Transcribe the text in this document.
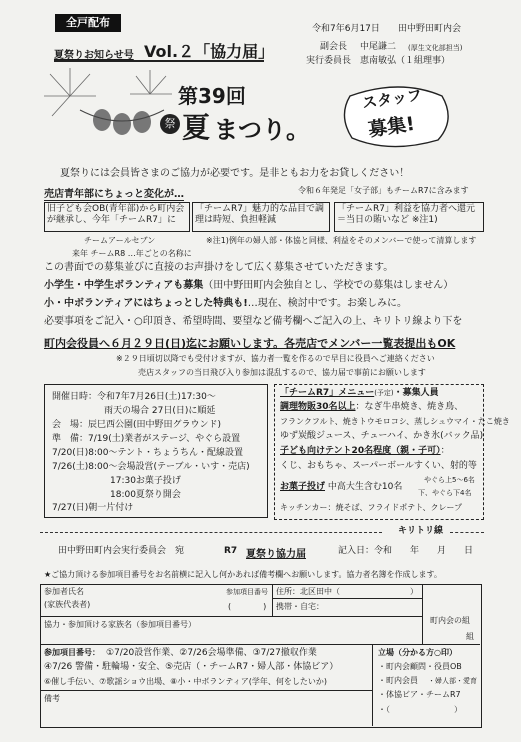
全戸配布	令和7年6月17日 田中野田町内会
夏祭りお知らせ号 Vol.２「協力届」	副会長 中尾謙二 (厚生文化部担当)
実行委員長 恵南敏弘（１組理事）
第39回
祭 夏 まつり。
スタッフ
募集!
夏祭りには会員皆さまのご協力が必要です。是非ともお力をお貸しください！
売店青年部にちょっと変化が…	令和６年発足「女子部」もチームR7に含みます
旧子ども会OB(青年部)から町内会が継承し、今年「チームR7」に
「チームR7」魅力的な品目で調理は時短、負担軽減
「チームR7」利益を協力者へ還元＝当日の賄いなど ※注1)
チームアールセブン	※注1)例年の婦人部・体協と同様、利益をそのメンバーで使って清算します
来年 チームR8 …年ごとの名称に
この書面での募集並びに直接のお声掛けをして広く募集させていただきます。
小学生・中学生ボランティアも募集（田中野田町内会独自とし、学校での募集はしません）
小・中ボランティアにはちょっとした特典も!…現在、検討中です。お楽しみに。
必要事項をご記入・○印頂き、希望時間、要望など備考欄へご記入の上、キリトリ線より下を
町内会役員へ６月２９日(日)迄にお願いします。各売店でメンバー一覧表提出もOK
※２９日頃切以降でも受付けますが、協力者一覧を作るので早目に役員へご連絡ください
売店スタッフの当日飛び入り参加は混乱するので、協力届で事前にお願いします
開催日時：令和7年7月26日(土)17:30～
雨天の場合 27日(日)に順延
会　場：辰巳西公園(田中野田グラウンド)
準　備：7/19(土)業者がステージ、やぐら設置
7/20(日)8:00～テント・ちょうちん・配線設置
7/26(土)8:00～会場設営(テーブル・いす・売店)
17:30お菓子投げ
18:00夏祭り開会
7/27(日)朝一片付け
「チームR7」メニュー(予定)・募集人員
調理物販30名以上：なぎ牛串焼き、焼き鳥、
フランクフルト、焼きトウモロコシ、蒸しシュウマイ・たこ焼き
ゆず炭酸ジュース、チューハイ、かき氷(バック品)
子ども向けテント20名程度（親・子可）：
くじ、おもちゃ、スーパーボールすくい、射的等
お菓子投げ 中高大生含む10名
やぐら上5～6名
下、やぐら下4名
キッチンカー：焼そば、フライドポテト、クレープ
キリトリ線
田中野田町内会実行委員会　宛	R7 夏祭り協力届	記入日：令和　　年　　月　　日
★ご協力頂ける参加項目番号をお名前横に記入し何かあれば備考欄へお願いします。協力者名簿を作成します。
参加者氏名
(家族代表者)
参加項目番号
(　　　　)
住所：北区田中（	）
携帯・自宅：
協力・参加頂ける家族名（参加項目番号）	町内会の組
組
参加項目番号： ①7/20設営作業、②7/26会場準備、③7/27撤収作業
④7/26 警備・駐輪場・安全、⑤売店（・チームR7・婦人部・体協ビア）
⑥催し手伝い、⑦歌謡ショウ出場、⑧小・中ボランティア(学年、何をしたいか)
備考
立場（分かる方○印）
・町内会顧問・役員OB
・町内会員 ・婦人部・愛育
・体協ビア・チームR7
・（　　　　　　　　）
